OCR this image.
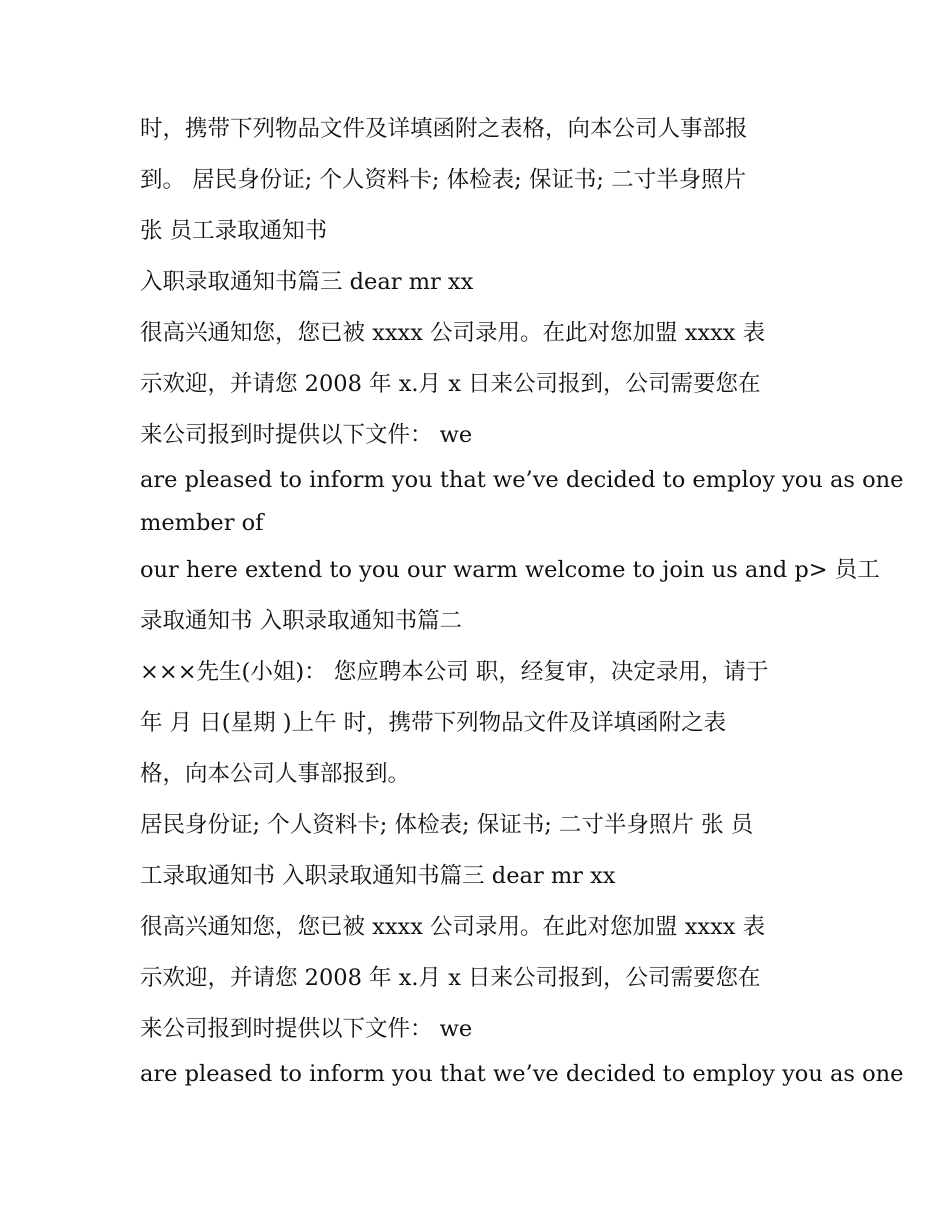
时，携带下列物品文件及详填函附之表格，向本公司人事部报

到。 居民身份证; 个人资料卡; 体检表; 保证书; 二寸半身照片

张 员工录取通知书

入职录取通知书篇三 dear mr xx

很高兴通知您，您已被 xxxx 公司录用。在此对您加盟 xxxx 表

示欢迎，并请您 2008 年 x.月 x 日来公司报到，公司需要您在

来公司报到时提供以下文件： we

are pleased to inform you that we’ve decided to employ you as one

member of

our here extend to you our warm welcome to join us and p> 员工

录取通知书 入职录取通知书篇二

×××先生(小姐)： 您应聘本公司 职，经复审，决定录用，请于

年 月 日(星期 )上午 时，携带下列物品文件及详填函附之表

格，向本公司人事部报到。

居民身份证; 个人资料卡; 体检表; 保证书; 二寸半身照片 张 员

工录取通知书 入职录取通知书篇三 dear mr xx

很高兴通知您，您已被 xxxx 公司录用。在此对您加盟 xxxx 表

示欢迎，并请您 2008 年 x.月 x 日来公司报到，公司需要您在

来公司报到时提供以下文件： we

are pleased to inform you that we’ve decided to employ you as one
